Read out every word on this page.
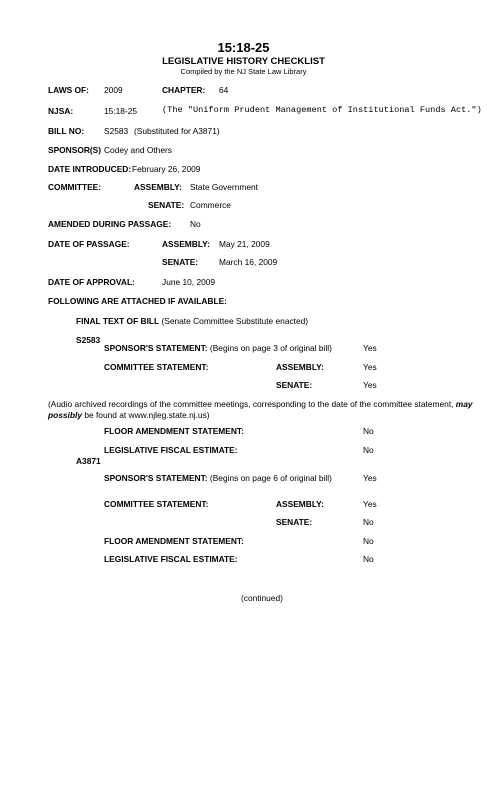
15:18-25
LEGISLATIVE HISTORY CHECKLIST
Compiled by the NJ State Law Library
LAWS OF: 2009	CHAPTER: 64
NJSA:	15:18-25	(The "Uniform Prudent Management of Institutional Funds Act.")
BILL NO: S2583 (Substituted for A3871)
SPONSOR(S) Codey and Others
DATE INTRODUCED: February 26, 2009
COMMITTEE:	ASSEMBLY: State Government
SENATE: Commerce
AMENDED DURING PASSAGE: No
DATE OF PASSAGE:	ASSEMBLY: May 21, 2009
SENATE: March 16, 2009
DATE OF APPROVAL:	June 10, 2009
FOLLOWING ARE ATTACHED IF AVAILABLE:
FINAL TEXT OF BILL (Senate Committee Substitute enacted)
S2583
SPONSOR'S STATEMENT: (Begins on page 3 of original bill)	Yes
COMMITTEE STATEMENT:	ASSEMBLY:	Yes
SENATE:	Yes
(Audio archived recordings of the committee meetings, corresponding to the date of the committee statement, may possibly be found at www.njleg.state.nj.us)
FLOOR AMENDMENT STATEMENT:	No
LEGISLATIVE FISCAL ESTIMATE:	No
A3871
SPONSOR'S STATEMENT: (Begins on page 6 of original bill)	Yes
COMMITTEE STATEMENT:	ASSEMBLY:	Yes
SENATE:	No
FLOOR AMENDMENT STATEMENT:	No
LEGISLATIVE FISCAL ESTIMATE:	No
(continued)
